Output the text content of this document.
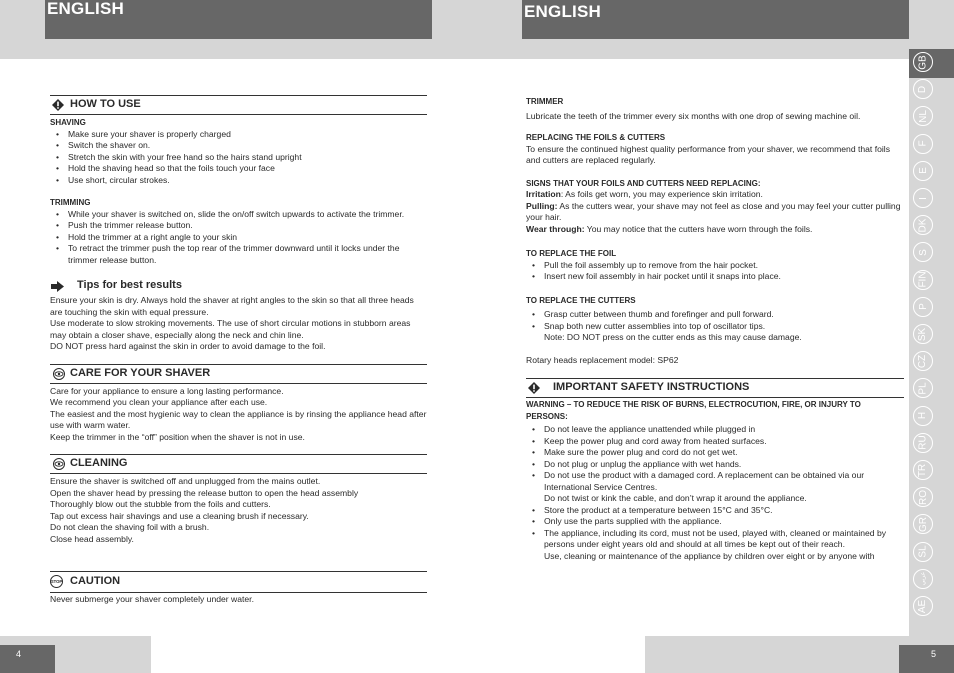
ENGLISH	ENGLISH
GB
D
NL
F
E
I
DK
S
FIN
P
SK
CZ
PL
H
RU
TR
RO
GR
SL
عربي
AE
4	5
HOW TO USE

SHAVING

• Make sure your shaver is properly charged
• Switch the shaver on.
• Stretch the skin with your free hand so the hairs stand upright
• Hold the shaving head so that the foils touch your face
• Use short, circular strokes.

TRIMMING

• While your shaver is switched on, slide the on/off switch upwards to activate the trimmer.
• Push the trimmer release button.
• Hold the trimmer at a right angle to your skin
• To retract the trimmer push the top rear of the trimmer downward until it locks under the trimmer release button.
Tips for best results

Ensure your skin is dry. Always hold the shaver at right angles to the skin so that all three heads are touching the skin with equal pressure.

Use moderate to slow stroking movements. The use of short circular motions in stubborn areas may obtain a closer shave, especially along the neck and chin line.

DO NOT press hard against the skin in order to avoid damage to the foil.

CARE FOR YOUR SHAVER

Care for your appliance to ensure a long lasting performance.

We recommend you clean your appliance after each use.

The easiest and the most hygienic way to clean the appliance is by rinsing the appliance head after use with warm water.

Keep the trimmer in the “off” position when the shaver is not in use.

CLEANING

Ensure the shaver is switched off and unplugged from the mains outlet.

Open the shaver head by pressing the release button to open the head assembly

Thoroughly blow out the stubble from the foils and cutters.

Tap out excess hair shavings and use a cleaning brush if necessary.

Do not clean the shaving foil with a brush.

Close head assembly.

STOP CAUTION

Never submerge your shaver completely under water.

TRIMMER

Lubricate the teeth of the trimmer every six months with one drop of sewing machine oil.

REPLACING THE FOILS & CUTTERS

To ensure the continued highest quality performance from your shaver, we recommend that foils and cutters are replaced regularly.

SIGNS THAT YOUR FOILS AND CUTTERS NEED REPLACING:

Irritation: As foils get worn, you may experience skin irritation.

Pulling: As the cutters wear, your shave may not feel as close and you may feel your cutter pulling your hair.

Wear through: You may notice that the cutters have worn through the foils.

TO REPLACE THE FOIL

• Pull the foil assembly up to remove from the hair pocket.
• Insert new foil assembly in hair pocket until it snaps into place.

TO REPLACE THE CUTTERS

• Grasp cutter between thumb and forefinger and pull forward.
• Snap both new cutter assemblies into top of oscillator tips.

Note: DO NOT press on the cutter ends as this may cause damage.

Rotary heads replacement model: SP62

IMPORTANT SAFETY INSTRUCTIONS

WARNING – TO REDUCE THE RISK OF BURNS, ELECTROCUTION, FIRE, OR INJURY TO PERSONS:

• Do not leave the appliance unattended while plugged in
• Keep the power plug and cord away from heated surfaces.
• Make sure the power plug and cord do not get wet.
• Do not plug or unplug the appliance with wet hands.
• Do not use the product with a damaged cord. A replacement can be obtained via our International Service Centres.

Do not twist or kink the cable, and don’t wrap it around the appliance.

• Store the product at a temperature between 15°C and 35°C.
• Only use the parts supplied with the appliance.
• The appliance, including its cord, must not be used, played with, cleaned or maintained by persons under eight years old and should at all times be kept out of their reach.

Use, cleaning or maintenance of the appliance by children over eight or by anyone with
